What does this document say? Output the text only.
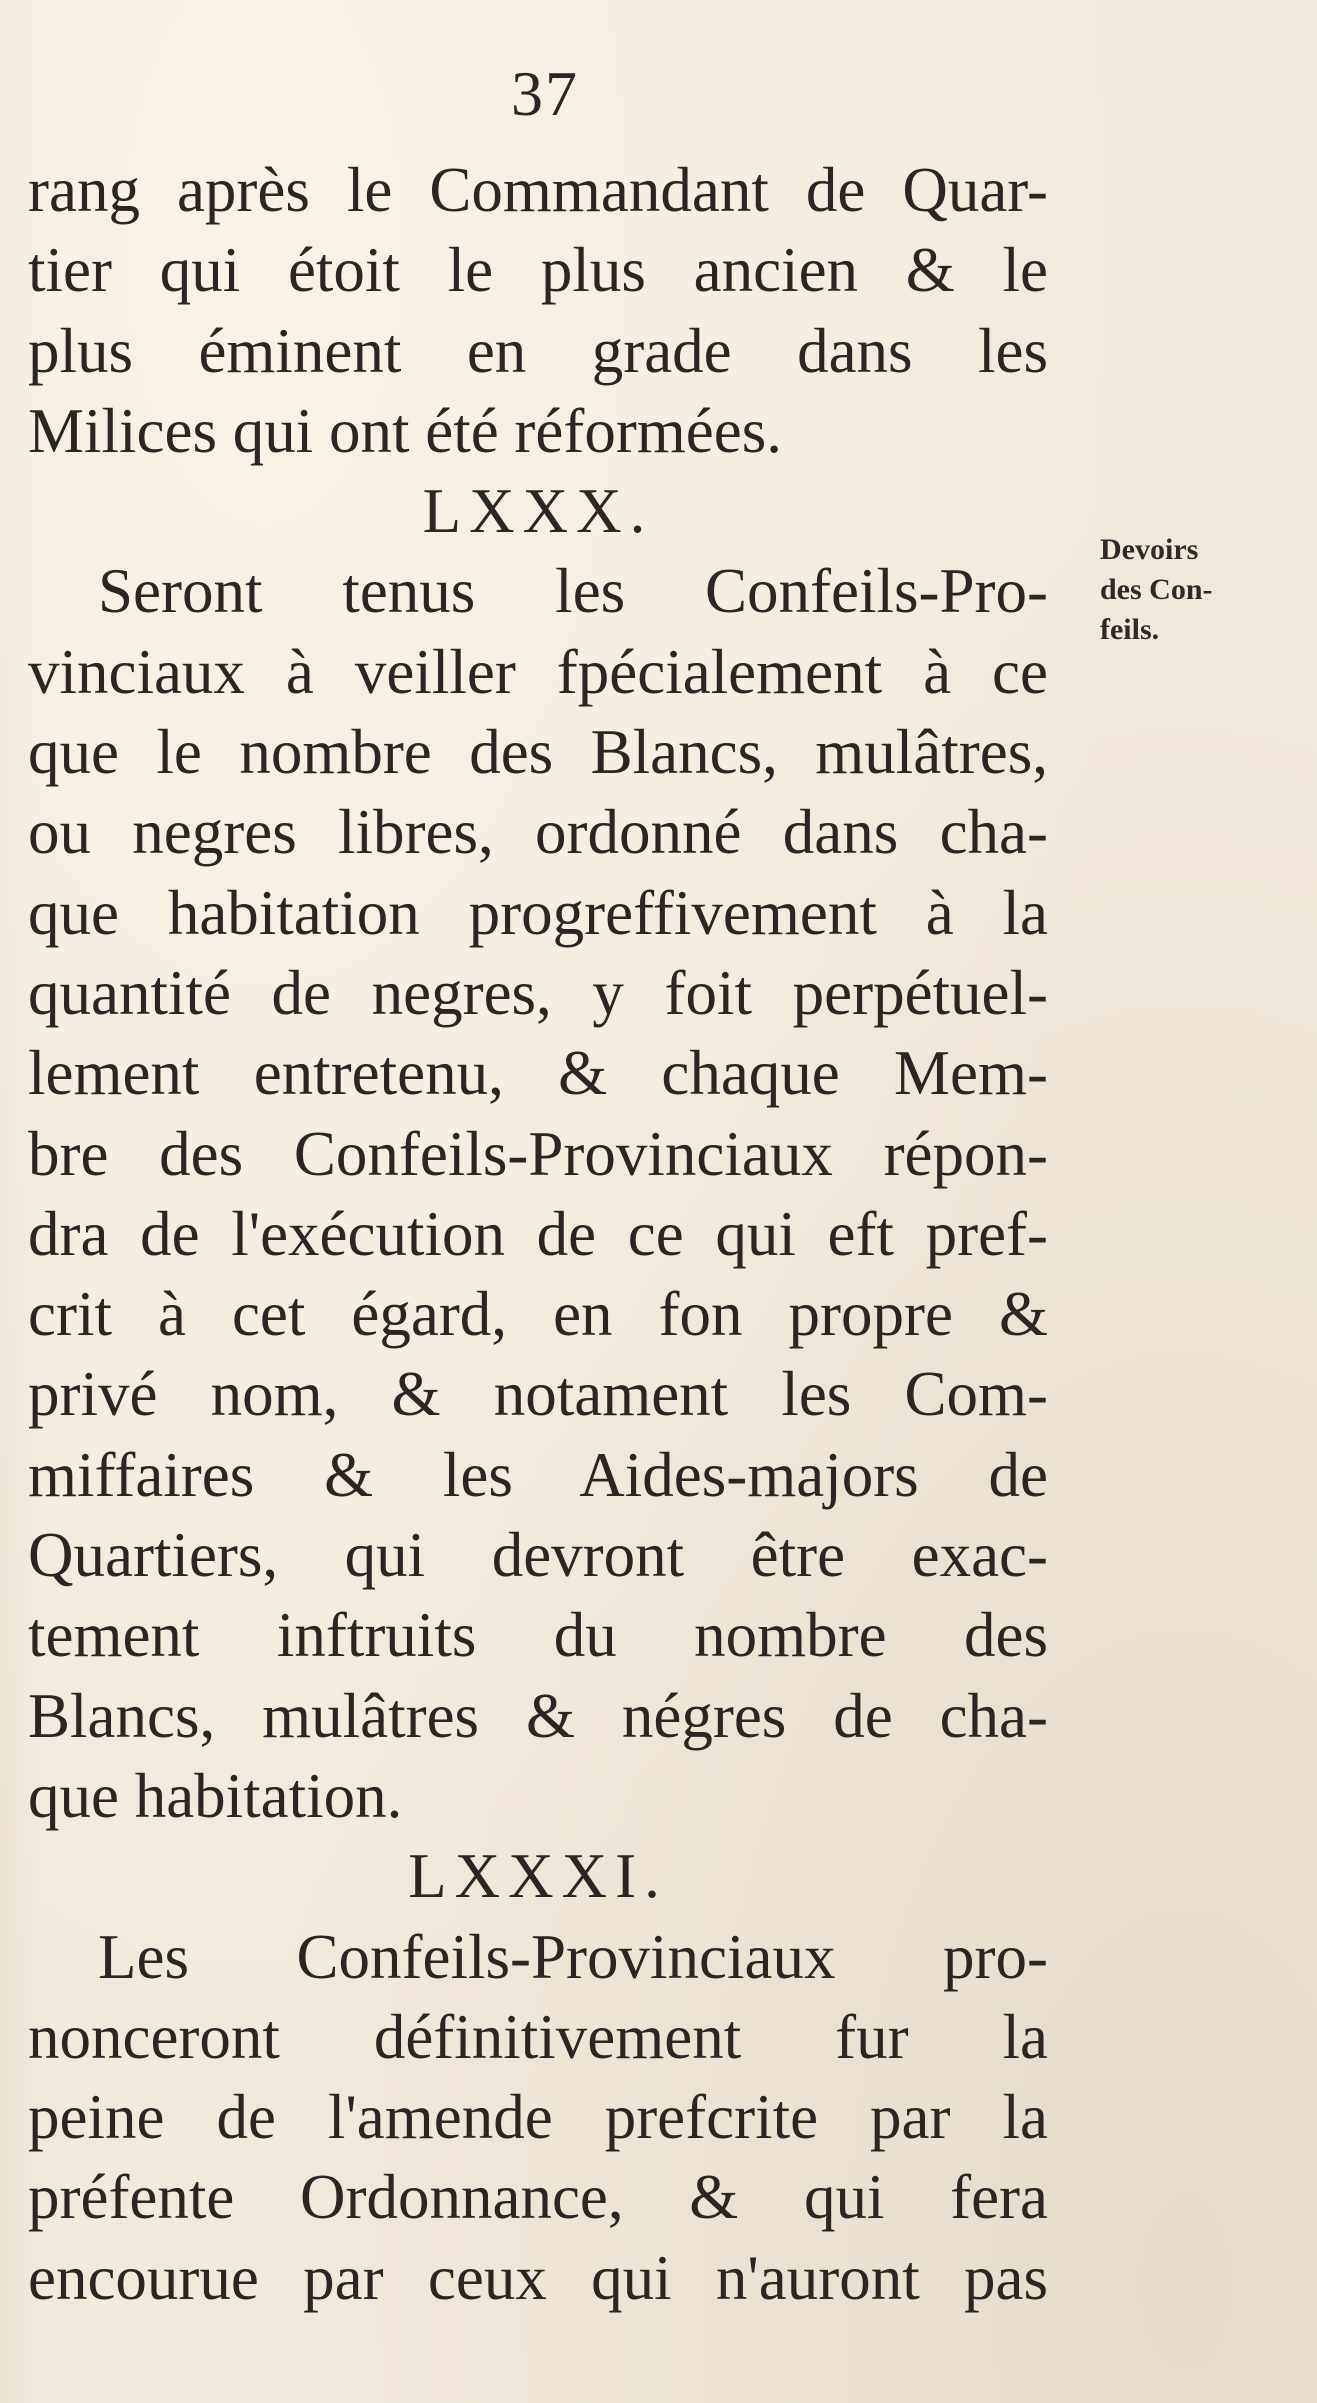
37
rang après le Commandant de Quar-
tier qui étoit le plus ancien & le
plus éminent en grade dans les
Milices qui ont été réformées.
LXXX.
Seront tenus les Confeils-Pro-
vinciaux à veiller fpécialement à ce
que le nombre des Blancs, mulâtres,
ou negres libres, ordonné dans cha-
que habitation progreffivement à la
quantité de negres, y foit perpétuel-
lement entretenu, & chaque Mem-
bre des Confeils-Provinciaux répon-
dra de l'exécution de ce qui eft pref-
crit à cet égard, en fon propre &
privé nom, & notament les Com-
miffaires & les Aides-majors de
Quartiers, qui devront être exac-
tement inftruits du nombre des
Blancs, mulâtres & négres de cha-
que habitation.
LXXXI.
Les Confeils-Provinciaux pro-
nonceront définitivement fur la
peine de l'amende prefcrite par la
préfente Ordonnance, & qui fera
encourue par ceux qui n'auront pas
Devoirs
des Con-
feils.
